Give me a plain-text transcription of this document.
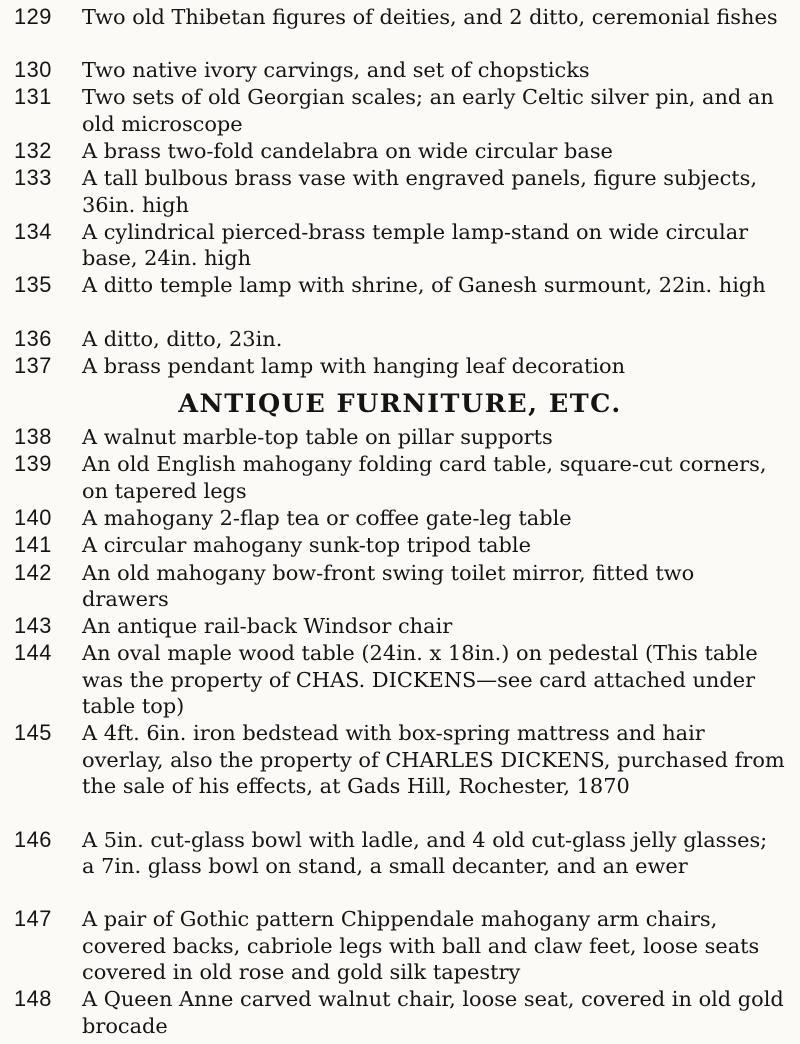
129	Two old Thibetan figures of deities, and 2 ditto, ceremonial fishes
130	Two native ivory carvings, and set of chopsticks
131	Two sets of old Georgian scales; an early Celtic silver pin, and an old microscope
132	A brass two-fold candelabra on wide circular base
133	A tall bulbous brass vase with engraved panels, figure subjects, 36in. high
134	A cylindrical pierced-brass temple lamp-stand on wide circular base, 24in. high
135	A ditto temple lamp with shrine, of Ganesh surmount, 22in. high
136	A ditto, ditto, 23in.
137	A brass pendant lamp with hanging leaf decoration
ANTIQUE FURNITURE, ETC.
138	A walnut marble-top table on pillar supports
139	An old English mahogany folding card table, square-cut corners, on tapered legs
140	A mahogany 2-flap tea or coffee gate-leg table
141	A circular mahogany sunk-top tripod table
142	An old mahogany bow-front swing toilet mirror, fitted two drawers
143	An antique rail-back Windsor chair
144	An oval maple wood table (24in. x 18in.) on pedestal (This table was the property of CHAS. DICKENS—see card attached under table top)
145	A 4ft. 6in. iron bedstead with box-spring mattress and hair overlay, also the property of CHARLES DICKENS, purchased from the sale of his effects, at Gads Hill, Rochester, 1870
146	A 5in. cut-glass bowl with ladle, and 4 old cut-glass jelly glasses; a 7in. glass bowl on stand, a small decanter, and an ewer
147	A pair of Gothic pattern Chippendale mahogany arm chairs, covered backs, cabriole legs with ball and claw feet, loose seats covered in old rose and gold silk tapestry
148	A Queen Anne carved walnut chair, loose seat, covered in old gold brocade
